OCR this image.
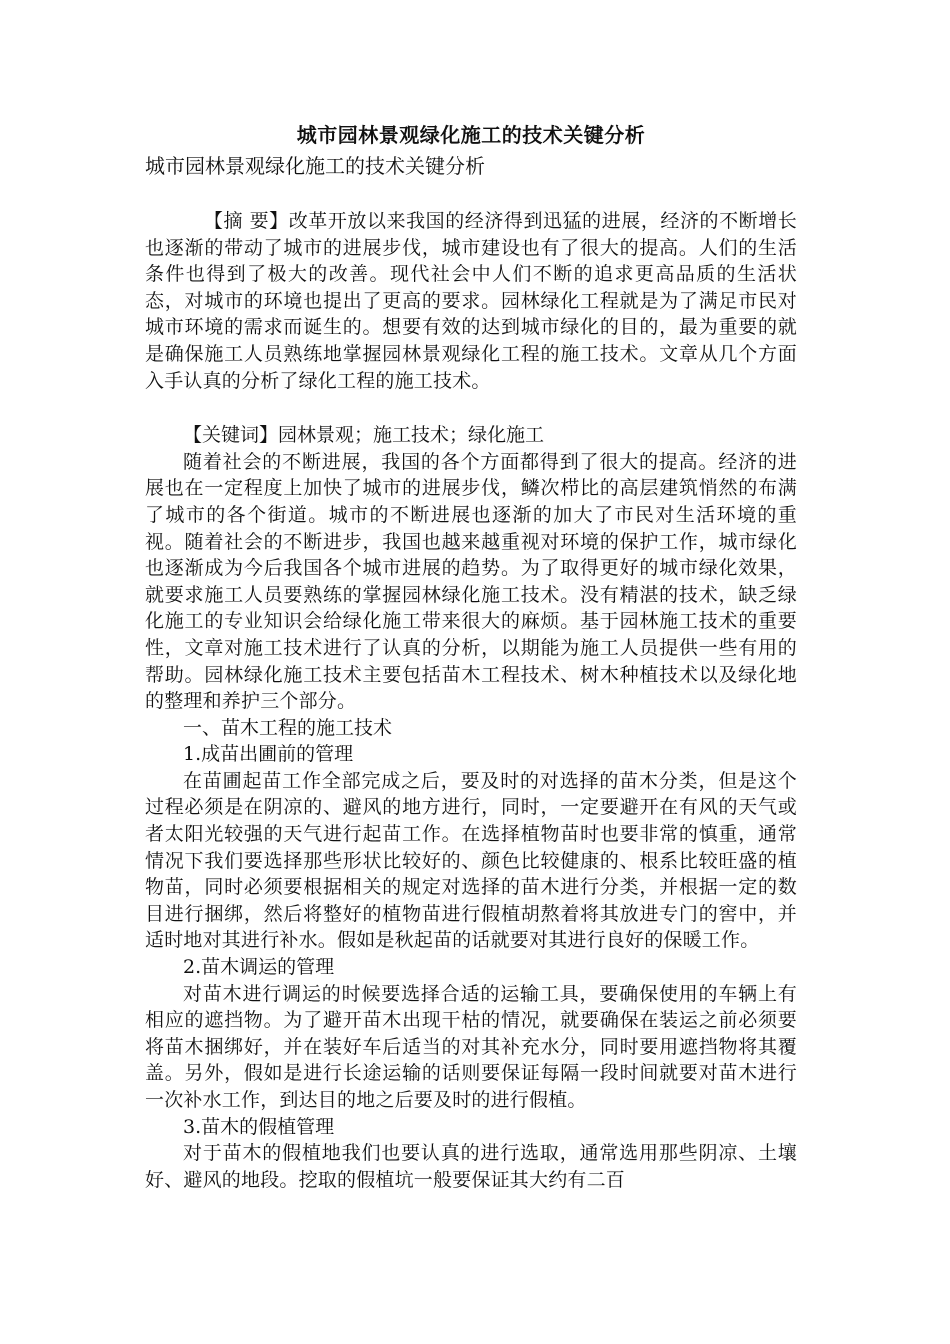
城市园林景观绿化施工的技术关键分析

城市园林景观绿化施工的技术关键分析

【摘 要】改革开放以来我国的经济得到迅猛的进展，经济的不断增长也逐渐的带动了城市的进展步伐，城市建设也有了很大的提高。人们的生活条件也得到了极大的改善。现代社会中人们不断的追求更高品质的生活状态，对城市的环境也提出了更高的要求。园林绿化工程就是为了满足市民对城市环境的需求而诞生的。想要有效的达到城市绿化的目的，最为重要的就是确保施工人员熟练地掌握园林景观绿化工程的施工技术。文章从几个方面入手认真的分析了绿化工程的施工技术。

【关键词】园林景观；施工技术；绿化施工

随着社会的不断进展，我国的各个方面都得到了很大的提高。经济的进展也在一定程度上加快了城市的进展步伐，鳞次栉比的高层建筑悄然的布满了城市的各个街道。城市的不断进展也逐渐的加大了市民对生活环境的重视。随着社会的不断进步，我国也越来越重视对环境的保护工作，城市绿化也逐渐成为今后我国各个城市进展的趋势。为了取得更好的城市绿化效果，就要求施工人员要熟练的掌握园林绿化施工技术。没有精湛的技术，缺乏绿化施工的专业知识会给绿化施工带来很大的麻烦。基于园林施工技术的重要性，文章对施工技术进行了认真的分析，以期能为施工人员提供一些有用的帮助。园林绿化施工技术主要包括苗木工程技术、树木种植技术以及绿化地的整理和养护三个部分。

一、苗木工程的施工技术

1.成苗出圃前的管理

在苗圃起苗工作全部完成之后，要及时的对选择的苗木分类，但是这个过程必须是在阴凉的、避风的地方进行，同时，一定要避开在有风的天气或者太阳光较强的天气进行起苗工作。在选择植物苗时也要非常的慎重，通常情况下我们要选择那些形状比较好的、颜色比较健康的、根系比较旺盛的植物苗，同时必须要根据相关的规定对选择的苗木进行分类，并根据一定的数目进行捆绑，然后将整好的植物苗进行假植胡熬着将其放进专门的窖中，并适时地对其进行补水。假如是秋起苗的话就要对其进行良好的保暖工作。

2.苗木调运的管理

对苗木进行调运的时候要选择合适的运输工具，要确保使用的车辆上有相应的遮挡物。为了避开苗木出现干枯的情况，就要确保在装运之前必须要将苗木捆绑好，并在装好车后适当的对其补充水分，同时要用遮挡物将其覆盖。另外，假如是进行长途运输的话则要保证每隔一段时间就要对苗木进行一次补水工作，到达目的地之后要及时的进行假植。

3.苗木的假植管理

对于苗木的假植地我们也要认真的进行选取，通常选用那些阴凉、土壤好、避风的地段。挖取的假植坑一般要保证其大约有二百
